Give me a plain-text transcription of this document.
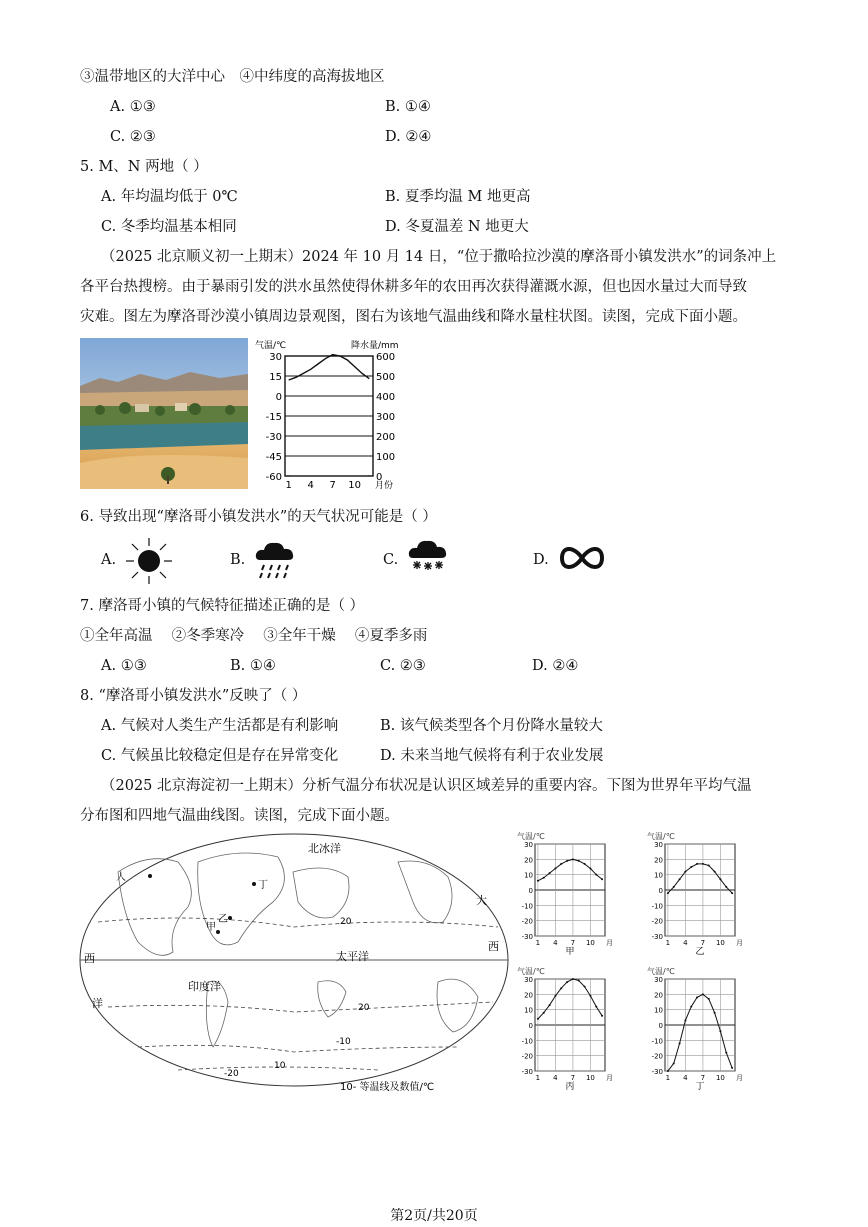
③温带地区的大洋中心　④中纬度的高海拔地区
A. ①③	B. ①④
C. ②③	D. ②④
5. M、N 两地（ ）
A. 年均温均低于 0℃	B. 夏季均温 M 地更高
C. 冬季均温基本相同	D. 冬夏温差 N 地更大
（2025 北京顺义初一上期末）2024 年 10 月 14 日，“位于撒哈拉沙漠的摩洛哥小镇发洪水”的词条冲上
各平台热搜榜。由于暴雨引发的洪水虽然使得休耕多年的农田再次获得灌溉水源，但也因水量过大而导致
灾难。图左为摩洛哥沙漠小镇周边景观图，图右为该地气温曲线和降水量柱状图。读图，完成下面小题。
气温/℃	降水量/mm
30	600
15	500
0	400
-15	300
-30	200
-45	100
-60	0
1 4 7 10 月份
6. 导致出现“摩洛哥小镇发洪水”的天气状况可能是（ ）
A.	B.	C.	D.
7. 摩洛哥小镇的气候特征描述正确的是（ ）
①全年高温　 ②冬季寒冷　 ③全年干燥　 ④夏季多雨
A. ①③	B. ①④	C. ②③	D. ②④
8. “摩洛哥小镇发洪水”反映了（ ）
A. 气候对人类生产生活都是有利影响	B. 该气候类型各个月份降水量较大
C. 气候虽比较稳定但是存在异常变化	D. 未来当地气候将有利于农业发展
（2025 北京海淀初一上期末）分析气温分布状况是认识区域差异的重要内容。下图为世界年平均气温
分布图和四地气温曲线图。读图，完成下面小题。
北冰洋
太平洋
印度洋
西
大
西
洋
丁
乙
甲
人
20
20
-10
10
-20
10- 等温线及数值/℃
气温/℃
30
20
10
0
-10
-20
-30
1 4 7 10 月
甲
气温/℃
30
20
10
0
-10
-20
-30
1 4 7 10 月
乙
气温/℃
30
20
10
0
-10
-20
-30
1 4 7 10 月
丙
气温/℃
30
20
10
0
-10
-20
-30
1 4 7 10 月
丁
第2页/共20页
